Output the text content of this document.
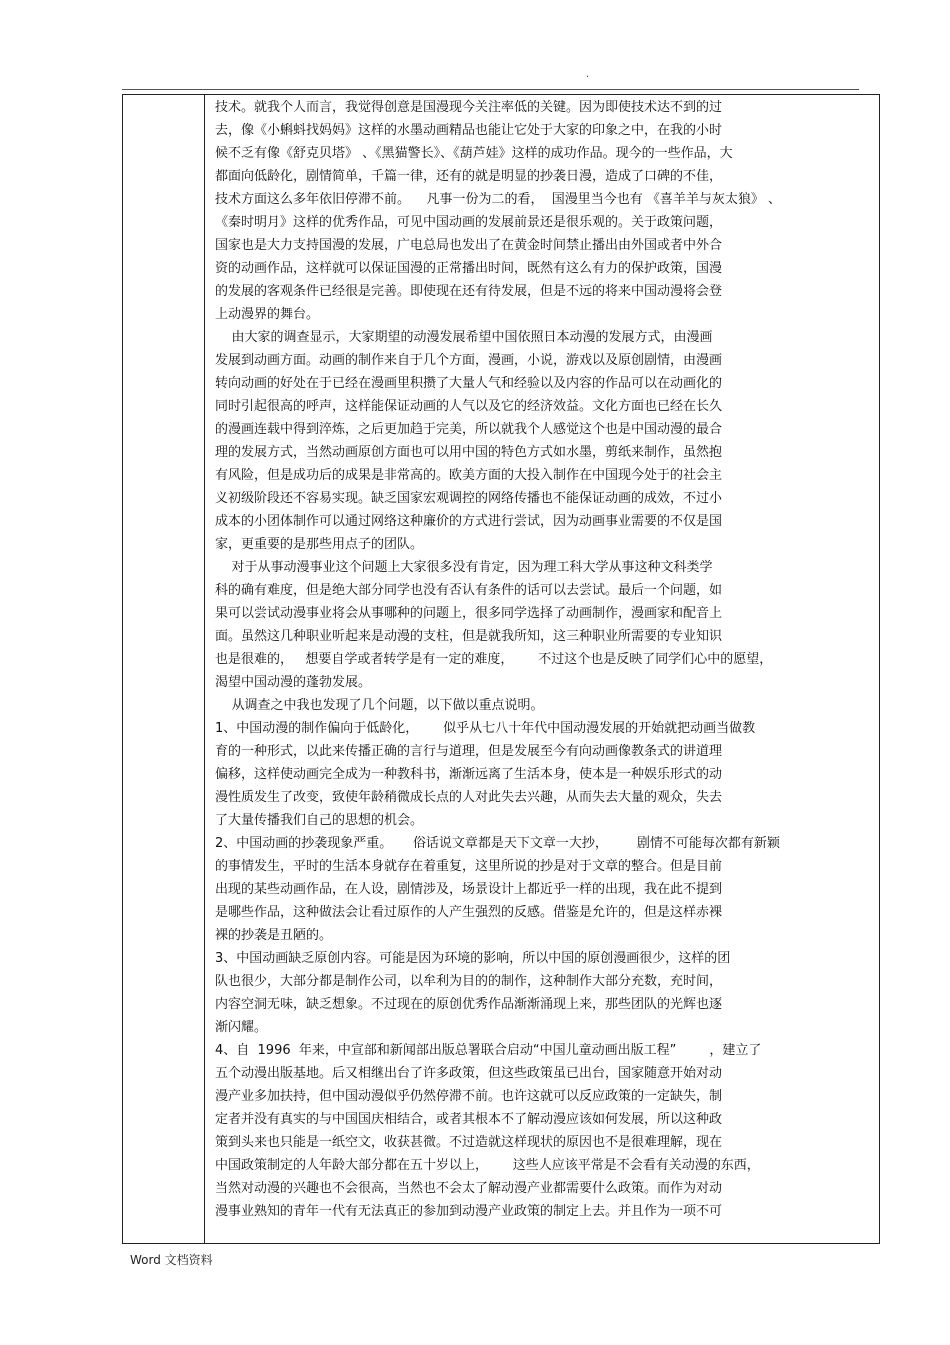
.
技术。就我个人而言，我觉得创意是国漫现今关注率低的关键。因为即使技术达不到的过
去，像《小蝌蚪找妈妈》这样的水墨动画精品也能让它处于大家的印象之中，在我的小时
候不乏有像《舒克贝塔》 、《黑猫警长》、《葫芦娃》这样的成功作品。现今的一些作品，大
都面向低龄化，剧情简单，千篇一律，还有的就是明显的抄袭日漫，造成了口碑的不佳，
技术方面这么多年依旧停滞不前。    凡事一份为二的看，  国漫里当今也有 《喜羊羊与灰太狼》 、
《秦时明月》这样的优秀作品，可见中国动画的发展前景还是很乐观的。关于政策问题，
国家也是大力支持国漫的发展，广电总局也发出了在黄金时间禁止播出由外国或者中外合
资的动画作品，这样就可以保证国漫的正常播出时间，既然有这么有力的保护政策，国漫
的发展的客观条件已经很是完善。即使现在还有待发展，但是不远的将来中国动漫将会登
上动漫界的舞台。
由大家的调查显示，大家期望的动漫发展希望中国依照日本动漫的发展方式，由漫画
发展到动画方面。动画的制作来自于几个方面，漫画，小说，游戏以及原创剧情，由漫画
转向动画的好处在于已经在漫画里积攒了大量人气和经验以及内容的作品可以在动画化的
同时引起很高的呼声，这样能保证动画的人气以及它的经济效益。文化方面也已经在长久
的漫画连载中得到淬炼，之后更加趋于完美，所以就我个人感觉这个也是中国动漫的最合
理的发展方式，当然动画原创方面也可以用中国的特色方式如水墨，剪纸来制作，虽然抱
有风险，但是成功后的成果是非常高的。欧美方面的大投入制作在中国现今处于的社会主
义初级阶段还不容易实现。缺乏国家宏观调控的网络传播也不能保证动画的成效，不过小
成本的小团体制作可以通过网络这种廉价的方式进行尝试，因为动画事业需要的不仅是国
家，更重要的是那些用点子的团队。
对于从事动漫事业这个问题上大家很多没有肯定，因为理工科大学从事这种文科类学
科的确有难度，但是绝大部分同学也没有否认有条件的话可以去尝试。最后一个问题，如
果可以尝试动漫事业将会从事哪种的问题上，很多同学选择了动画制作，漫画家和配音上
面。虽然这几种职业听起来是动漫的支柱，但是就我所知，这三种职业所需要的专业知识
也是很难的，   想要自学或者转学是有一定的难度，      不过这个也是反映了同学们心中的愿望，
渴望中国动漫的蓬勃发展。
从调查之中我也发现了几个问题，以下做以重点说明。
1、中国动漫的制作偏向于低龄化，      似乎从七八十年代中国动漫发展的开始就把动画当做教
育的一种形式，以此来传播正确的言行与道理，但是发展至今有向动画像教条式的讲道理
偏移，这样使动画完全成为一种教科书，渐渐远离了生活本身，使本是一种娱乐形式的动
漫性质发生了改变，致使年龄稍微成长点的人对此失去兴趣，从而失去大量的观众，失去
了大量传播我们自己的思想的机会。
2、中国动画的抄袭现象严重。     俗话说文章都是天下文章一大抄，       剧情不可能每次都有新颖
的事情发生，平时的生活本身就存在着重复，这里所说的抄是对于文章的整合。但是目前
出现的某些动画作品，在人设，剧情涉及，场景设计上都近乎一样的出现，我在此不提到
是哪些作品，这种做法会让看过原作的人产生强烈的反感。借鉴是允许的，但是这样赤裸
裸的抄袭是丑陋的。
3、中国动画缺乏原创内容。可能是因为环境的影响，所以中国的原创漫画很少，这样的团
队也很少，大部分都是制作公司，以牟利为目的的制作，这种制作大部分充数，充时间，
内容空洞无味，缺乏想象。不过现在的原创优秀作品渐渐涌现上来，那些团队的光辉也逐
渐闪耀。
4、自  1996  年来，中宣部和新闻部出版总署联合启动“中国儿童动画出版工程”        ，建立了
五个动漫出版基地。后又相继出台了许多政策，但这些政策虽已出台，国家随意开始对动
漫产业多加扶持，但中国动漫似乎仍然停滞不前。也许这就可以反应政策的一定缺失，制
定者并没有真实的与中国国庆相结合，或者其根本不了解动漫应该如何发展，所以这种政
策到头来也只能是一纸空文，收获甚微。不过造就这样现状的原因也不是很难理解，现在
中国政策制定的人年龄大部分都在五十岁以上，      这些人应该平常是不会看有关动漫的东西，
当然对动漫的兴趣也不会很高，当然也不会太了解动漫产业都需要什么政策。而作为对动
漫事业熟知的青年一代有无法真正的参加到动漫产业政策的制定上去。并且作为一项不可
Word 文档资料
